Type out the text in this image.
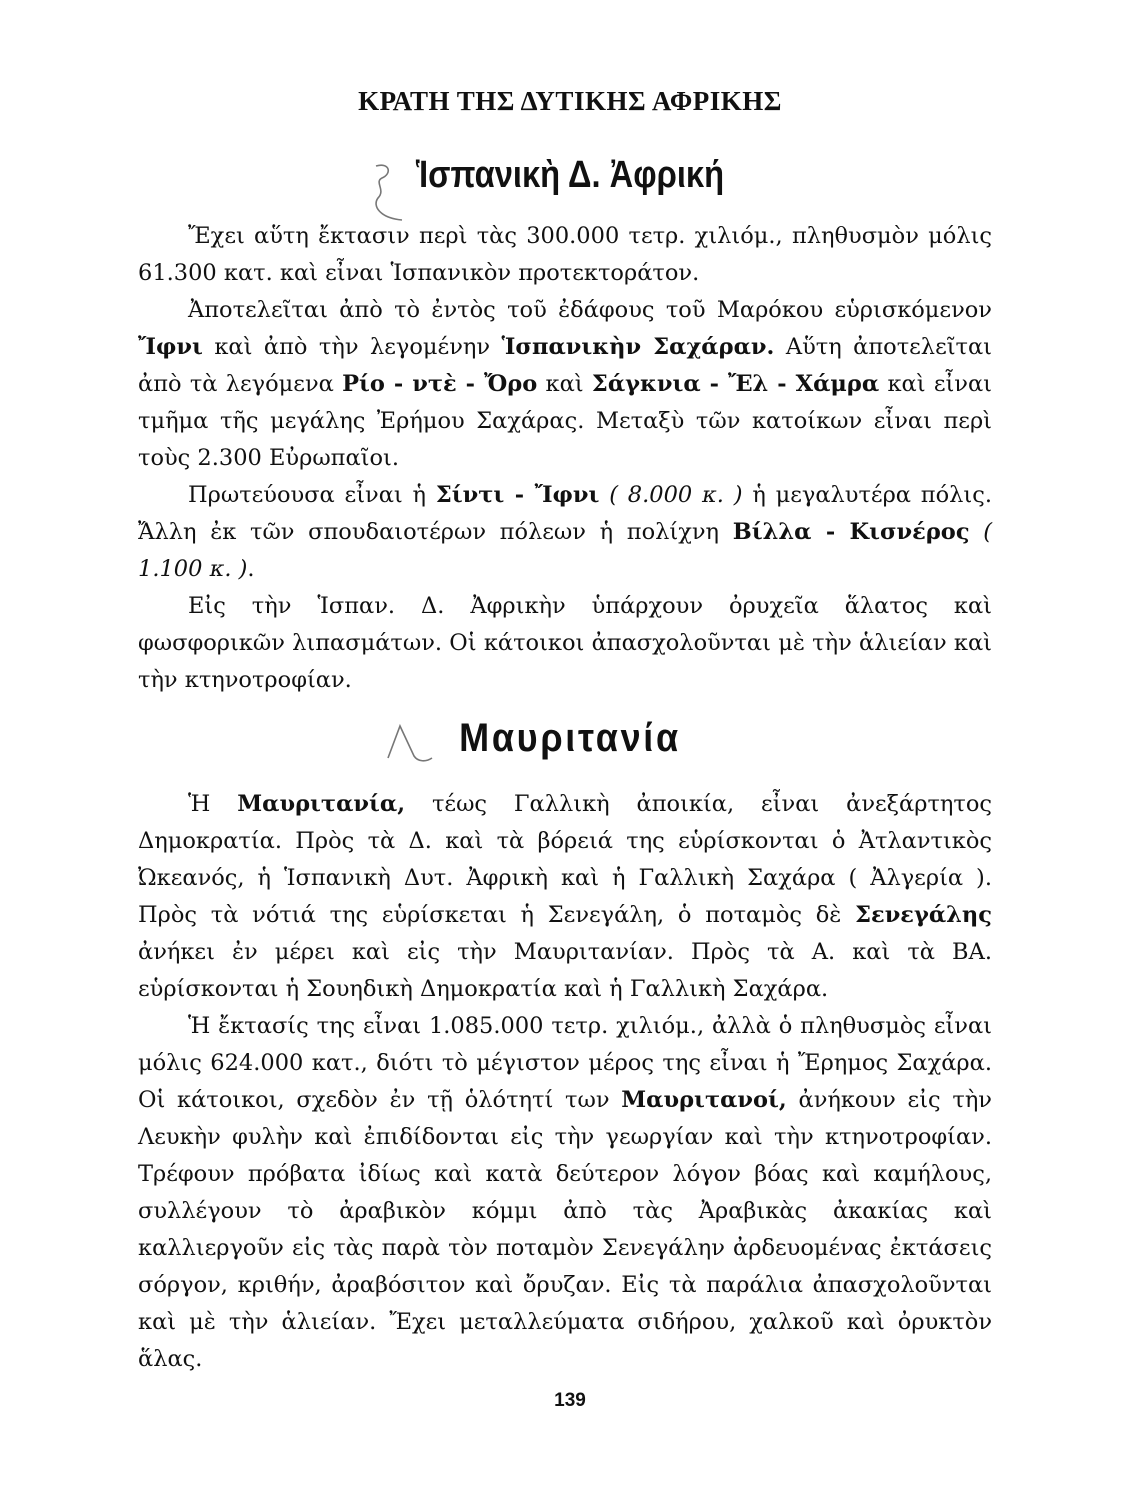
ΚΡΑΤΗ ΤΗΣ ΔΥΤΙΚΗΣ ΑΦΡΙΚΗΣ
Ἱσπανικὴ Δ. Ἀφρική

Ἔχει αὕτη ἔκτασιν περὶ τὰς 300.000 τετρ. χιλιόμ., πληθυσμὸν μόλις 61.300 κατ. καὶ εἶναι Ἱσπανικὸν προτεκτοράτον.

Ἀποτελεῖται ἀπὸ τὸ ἐντὸς τοῦ ἐδάφους τοῦ Μαρόκου εὑρισκόμενον Ἴφνι καὶ ἀπὸ τὴν λεγομένην Ἱσπανικὴν Σαχάραν. Αὕτη ἀποτελεῖται ἀπὸ τὰ λεγόμενα Ρίο - ντὲ - Ὄρο καὶ Σάγκνια - Ἔλ - Χάμρα καὶ εἶναι τμῆμα τῆς μεγάλης Ἐρήμου Σαχάρας. Μεταξὺ τῶν κατοίκων εἶναι περὶ τοὺς 2.300 Εὐρωπαῖοι.

Πρωτεύουσα εἶναι ἡ Σίντι - Ἴφνι ( 8.000 κ. ) ἡ μεγαλυτέρα πόλις. Ἄλλη ἐκ τῶν σπουδαιοτέρων πόλεων ἡ πολίχνη Βίλλα - Κισνέρος ( 1.100 κ. ).

Εἰς τὴν Ἱσπαν. Δ. Ἀφρικὴν ὑπάρχουν ὀρυχεῖα ἅλατος καὶ φωσφορικῶν λιπασμάτων. Οἱ κάτοικοι ἀπασχολοῦνται μὲ τὴν ἁλιείαν καὶ τὴν κτηνοτροφίαν.

Μαυριτανία

Ἡ Μαυριτανία, τέως Γαλλικὴ ἀποικία, εἶναι ἀνεξάρτητος Δημοκρατία. Πρὸς τὰ Δ. καὶ τὰ βόρειά της εὑρίσκονται ὁ Ἀτλαντικὸς Ὠκεανός, ἡ Ἱσπανικὴ Δυτ. Ἀφρικὴ καὶ ἡ Γαλλικὴ Σαχάρα ( Ἀλγερία ). Πρὸς τὰ νότιά της εὑρίσκεται ἡ Σενεγάλη, ὁ ποταμὸς δὲ Σενεγάλης ἀνήκει ἐν μέρει καὶ εἰς τὴν Μαυριτανίαν. Πρὸς τὰ Α. καὶ τὰ ΒΑ. εὑρίσκονται ἡ Σουηδικὴ Δημοκρατία καὶ ἡ Γαλλικὴ Σαχάρα.

Ἡ ἔκτασίς της εἶναι 1.085.000 τετρ. χιλιόμ., ἀλλὰ ὁ πληθυσμὸς εἶναι μόλις 624.000 κατ., διότι τὸ μέγιστον μέρος της εἶναι ἡ Ἔρημος Σαχάρα. Οἱ κάτοικοι, σχεδὸν ἐν τῇ ὁλότητί των Μαυριτανοί, ἀνήκουν εἰς τὴν Λευκὴν φυλὴν καὶ ἐπιδίδονται εἰς τὴν γεωργίαν καὶ τὴν κτηνοτροφίαν. Τρέφουν πρόβατα ἰδίως καὶ κατὰ δεύτερον λόγον βόας καὶ καμήλους, συλλέγουν τὸ ἀραβικὸν κόμμι ἀπὸ τὰς Ἀραβικὰς ἀκακίας καὶ καλλιεργοῦν εἰς τὰς παρὰ τὸν ποταμὸν Σενεγάλην ἀρδευομένας ἐκτάσεις σόργον, κριθήν, ἀραβόσιτον καὶ ὄρυζαν. Εἰς τὰ παράλια ἀπασχολοῦνται καὶ μὲ τὴν ἁλιείαν. Ἔχει μεταλλεύματα σιδήρου, χαλκοῦ καὶ ὀρυκτὸν ἅλας.

139
